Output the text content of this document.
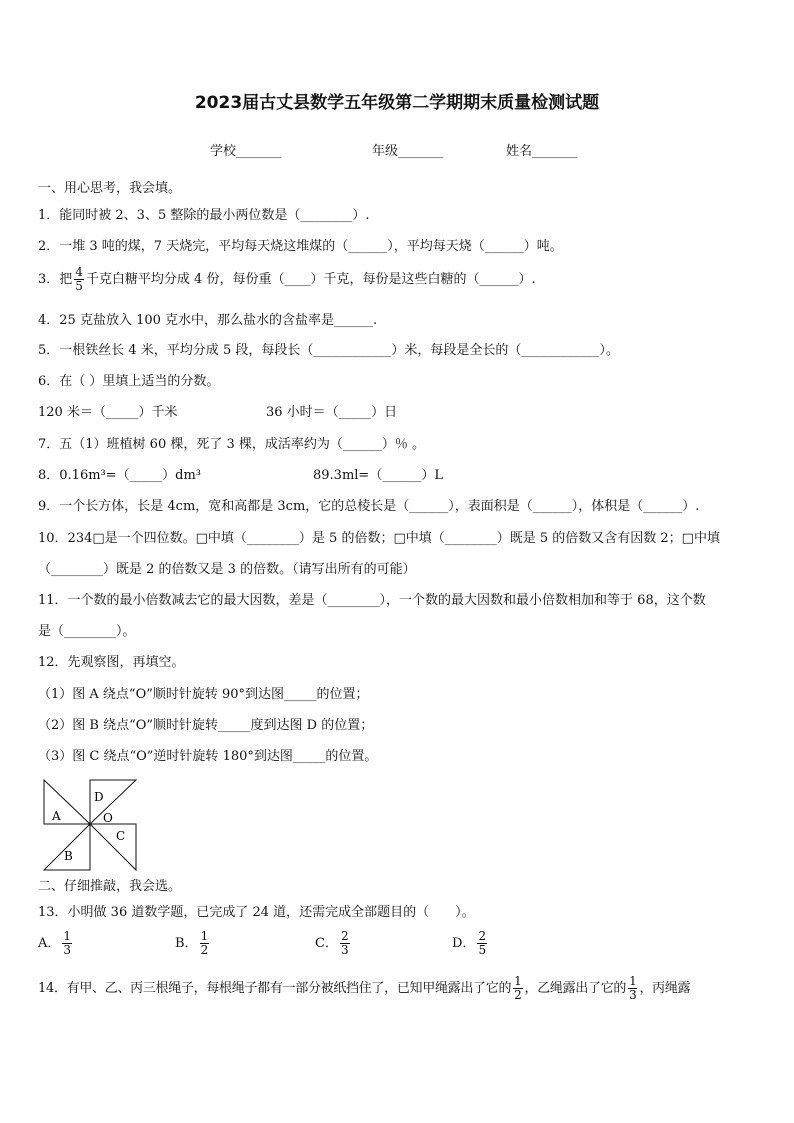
2023届古丈县数学五年级第二学期期末质量检测试题
学校_______	年级_______	姓名_______
一、用心思考，我会填。
1．能同时被 2、3、5 整除的最小两位数是（________）.
2．一堆 3 吨的煤，7 天烧完，平均每天烧这堆煤的（______），平均每天烧（______）吨。
3．把 $\frac{4}{5}$ 千克白糖平均分成 4 份，每份重（____）千克，每份是这些白糖的（______）.
4．25 克盐放入 100 克水中，那么盐水的含盐率是______.
5．一根铁丝长 4 米，平均分成 5 段，每段长（____________）米，每段是全长的（____________）。
6．在（ ）里填上适当的分数。
120 米＝（_____）千米	36 小时＝（_____）日
7．五（1）班植树 60 棵，死了 3 棵，成活率约为（______）％ 。
8．0.16m³=（_____）dm³	89.3ml=（______）L
9．一个长方体，长是 4cm，宽和高都是 3cm，它的总棱长是（______），表面积是（______），体积是（______）.
10．234□是一个四位数。□中填（________）是 5 的倍数；□中填（________）既是 5 的倍数又含有因数 2；□中填
（________）既是 2 的倍数又是 3 的倍数。（请写出所有的可能）
11．一个数的最小倍数减去它的最大因数，差是（________），一个数的最大因数和最小倍数相加和等于 68，这个数
是（________）。
12．先观察图，再填空。
（1）图 A 绕点“O”顺时针旋转 90°到达图_____的位置；
（2）图 B 绕点“O”顺时针旋转_____度到达图 D 的位置；
（3）图 C 绕点“O”逆时针旋转 180°到达图_____的位置。
A
B
C
D
O
二、仔细推敲，我会选。
13．小明做 36 道数学题，已完成了 24 道，还需完成全部题目的（　　）。
A． $\frac{1}{3}$	B． $\frac{1}{2}$	C． $\frac{2}{3}$	D． $\frac{2}{5}$
14．有甲、乙、丙三根绳子，每根绳子都有一部分被纸挡住了，已知甲绳露出了它的 $\frac{1}{2}$ ，乙绳露出了它的 $\frac{1}{3}$ ，丙绳露
